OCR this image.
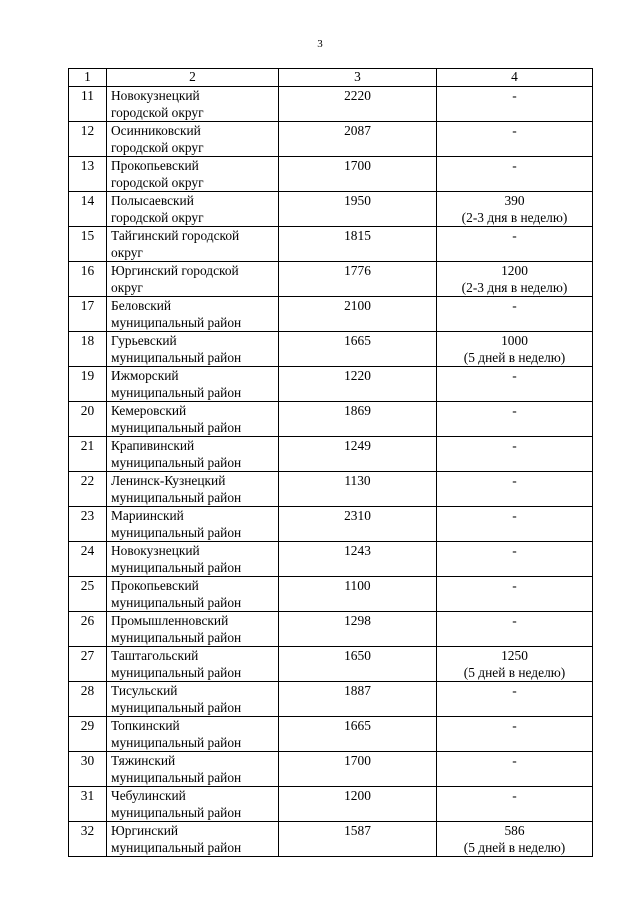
3
1	2	3	4
11	Новокузнецкий
городской округ	2220	-

12	Осинниковский
городской округ	2087	-

13	Прокопьевский
городской округ	1700	-

14	Полысаевский
городской округ	1950	390
(2-3 дня в неделю)

15	Тайгинский городской
округ	1815	-

16	Юргинский городской
округ	1776	1200
(2-3 дня в неделю)

17	Беловский
муниципальный район	2100	-

18	Гурьевский
муниципальный район	1665	1000
(5 дней в неделю)

19	Ижморский
муниципальный район	1220	-

20	Кемеровский
муниципальный район	1869	-

21	Крапивинский
муниципальный район	1249	-

22	Ленинск-Кузнецкий
муниципальный район	1130	-

23	Мариинский
муниципальный район	2310	-

24	Новокузнецкий
муниципальный район	1243	-

25	Прокопьевский
муниципальный район	1100	-

26	Промышленновский
муниципальный район	1298	-

27	Таштагольский
муниципальный район	1650	1250
(5 дней в неделю)

28	Тисульский
муниципальный район	1887	-

29	Топкинский
муниципальный район	1665	-

30	Тяжинский
муниципальный район	1700	-

31	Чебулинский
муниципальный район	1200	-

32	Юргинский
муниципальный район	1587	586
(5 дней в неделю)
